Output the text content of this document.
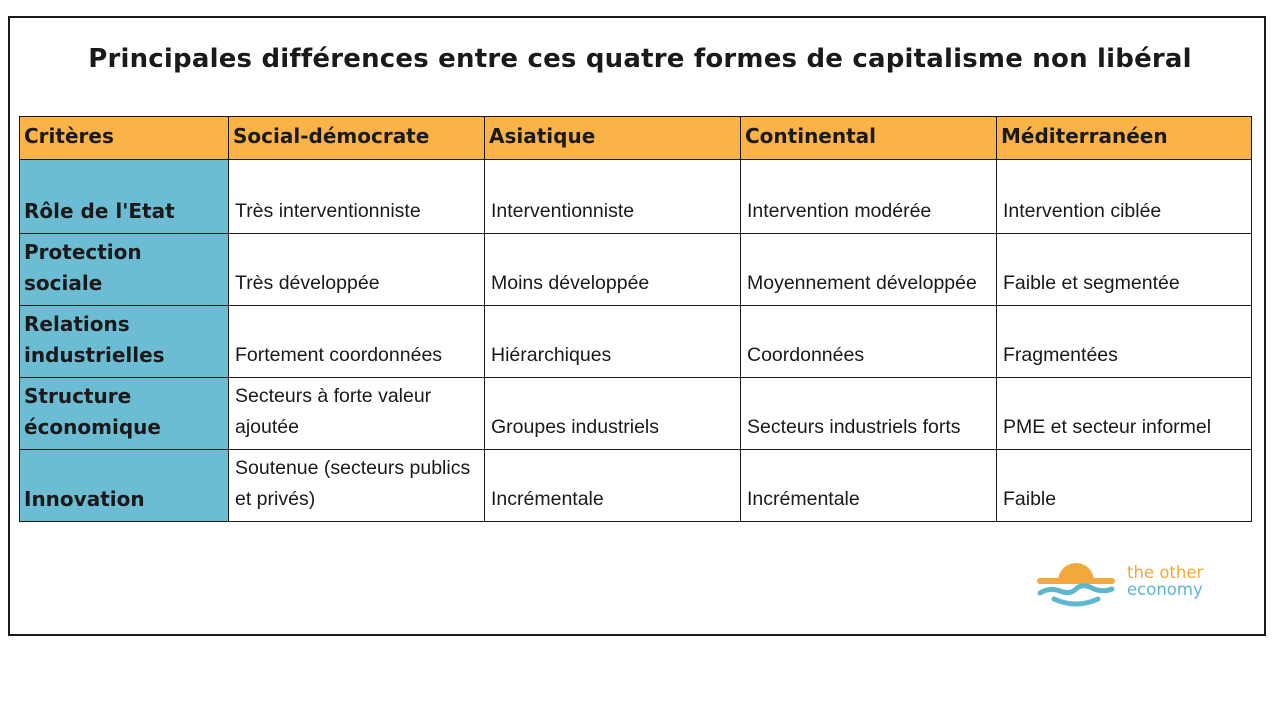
Principales différences entre ces quatre formes de capitalisme non libéral
Critères	Social-démocrate	Asiatique	Continental	Méditerranéen
Rôle de l'Etat	Très interventionniste	Interventionniste	Intervention modérée	Intervention ciblée
Protection sociale	Très développée	Moins développée	Moyennement développée	Faible et segmentée
Relations industrielles	Fortement coordonnées	Hiérarchiques	Coordonnées	Fragmentées
Structure économique	Secteurs à forte valeur ajoutée	Groupes industriels	Secteurs industriels forts	PME et secteur informel
Innovation	Soutenue (secteurs publics et privés)	Incrémentale	Incrémentale	Faible
the other
economy
